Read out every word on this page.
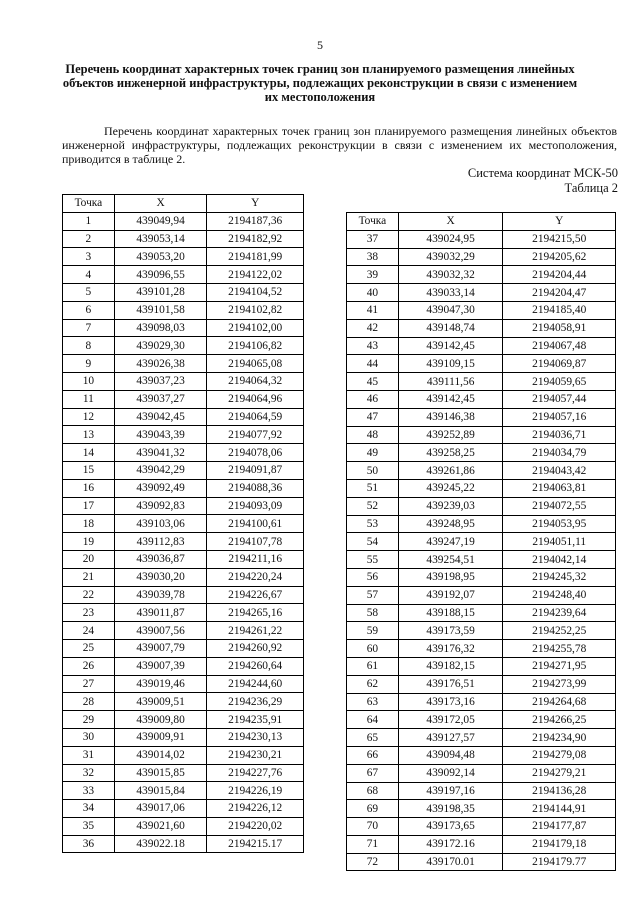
5
Перечень координат характерных точек границ зон планируемого размещения линейных объектов инженерной инфраструктуры, подлежащих реконструкции в связи с изменением их местоположения
Перечень координат характерных точек границ зон планируемого размещения линейных объектов инженерной инфраструктуры, подлежащих реконструкции в связи с изменением их местоположения, приводится в таблице 2.
Система координат МСК-50
Таблица 2
Точка	X	Y
1	439049,94	2194187,36
2	439053,14	2194182,92
3	439053,20	2194181,99
4	439096,55	2194122,02
5	439101,28	2194104,52
6	439101,58	2194102,82
7	439098,03	2194102,00
8	439029,30	2194106,82
9	439026,38	2194065,08
10	439037,23	2194064,32
11	439037,27	2194064,96
12	439042,45	2194064,59
13	439043,39	2194077,92
14	439041,32	2194078,06
15	439042,29	2194091,87
16	439092,49	2194088,36
17	439092,83	2194093,09
18	439103,06	2194100,61
19	439112,83	2194107,78
20	439036,87	2194211,16
21	439030,20	2194220,24
22	439039,78	2194226,67
23	439011,87	2194265,16
24	439007,56	2194261,22
25	439007,79	2194260,92
26	439007,39	2194260,64
27	439019,46	2194244,60
28	439009,51	2194236,29
29	439009,80	2194235,91
30	439009,91	2194230,13
31	439014,02	2194230,21
32	439015,85	2194227,76
33	439015,84	2194226,19
34	439017,06	2194226,12
35	439021,60	2194220,02
36	439022.18	2194215.17
Точка	X	Y
37	439024,95	2194215,50
38	439032,29	2194205,62
39	439032,32	2194204,44
40	439033,14	2194204,47
41	439047,30	2194185,40
42	439148,74	2194058,91
43	439142,45	2194067,48
44	439109,15	2194069,87
45	439111,56	2194059,65
46	439142,45	2194057,44
47	439146,38	2194057,16
48	439252,89	2194036,71
49	439258,25	2194034,79
50	439261,86	2194043,42
51	439245,22	2194063,81
52	439239,03	2194072,55
53	439248,95	2194053,95
54	439247,19	2194051,11
55	439254,51	2194042,14
56	439198,95	2194245,32
57	439192,07	2194248,40
58	439188,15	2194239,64
59	439173,59	2194252,25
60	439176,32	2194255,78
61	439182,15	2194271,95
62	439176,51	2194273,99
63	439173,16	2194264,68
64	439172,05	2194266,25
65	439127,57	2194234,90
66	439094,48	2194279,08
67	439092,14	2194279,21
68	439197,16	2194136,28
69	439198,35	2194144,91
70	439173,65	2194177,87
71	439172.16	2194179,18
72	439170.01	2194179.77
